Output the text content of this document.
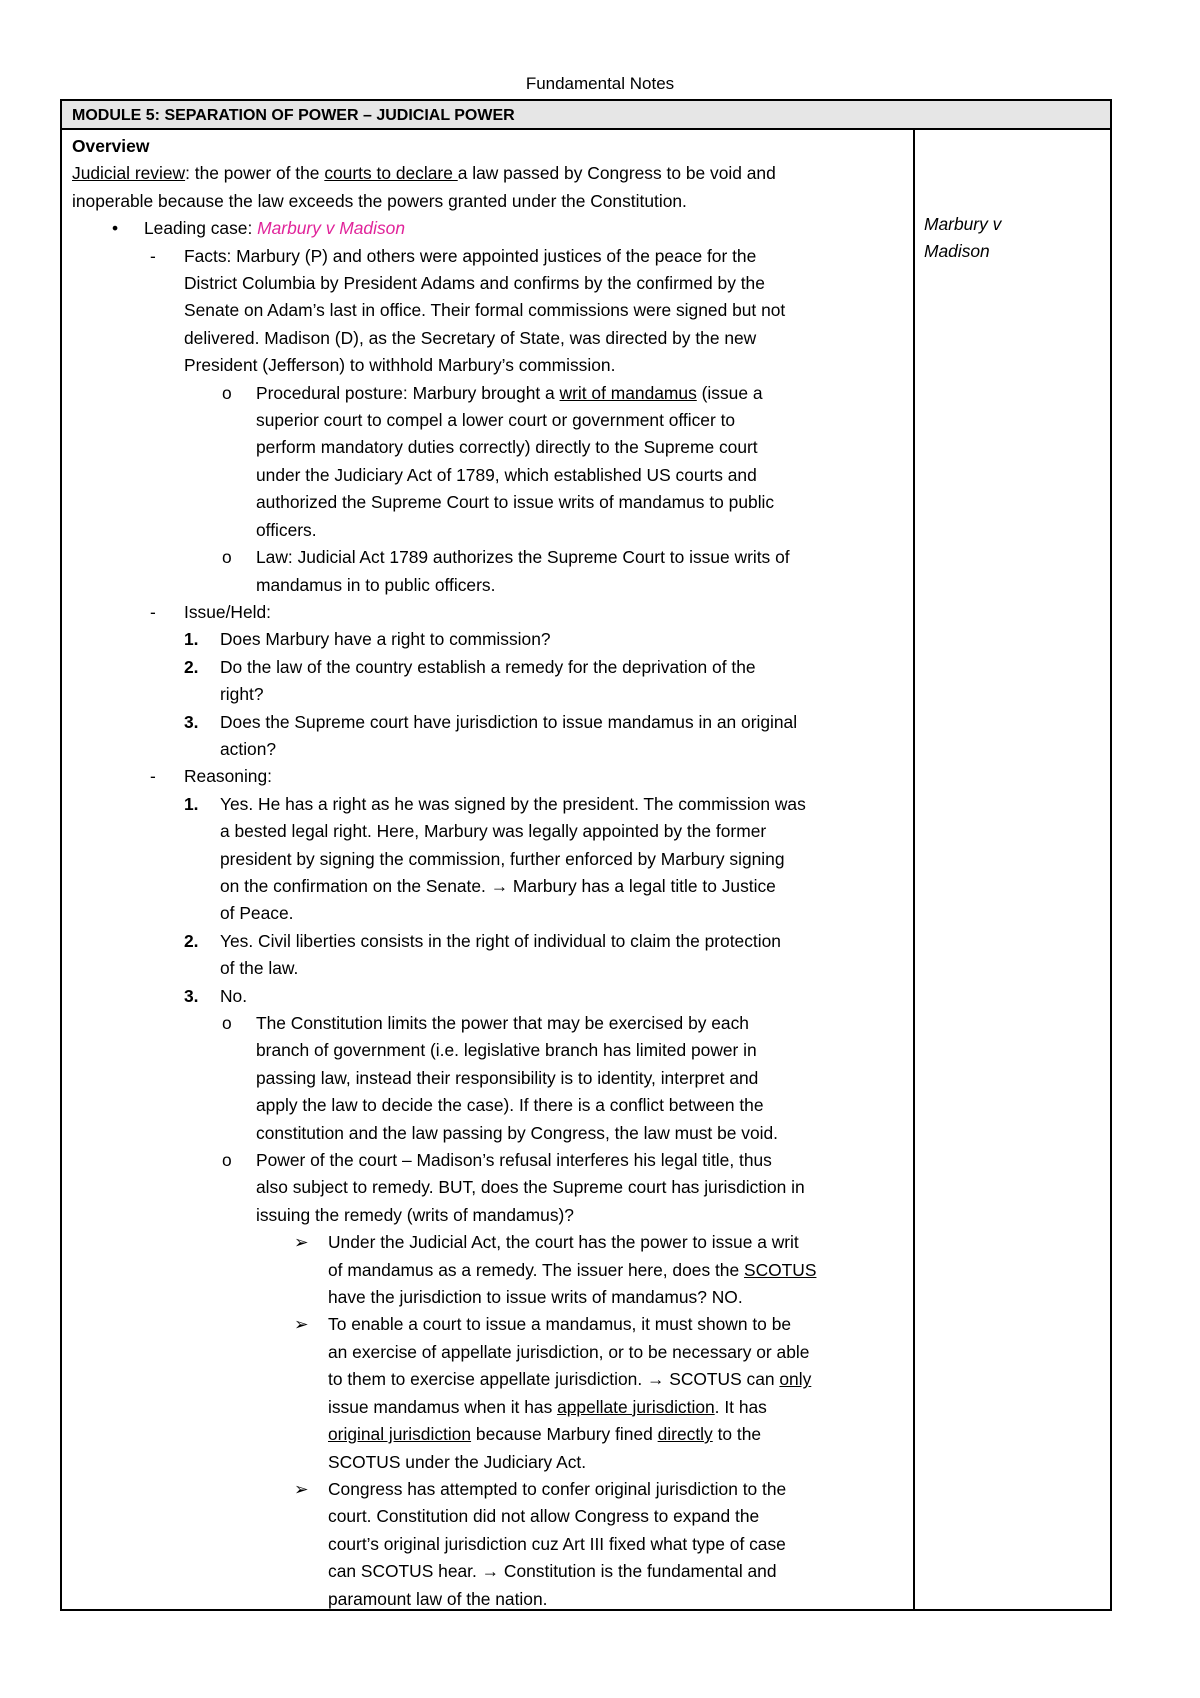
Fundamental Notes
MODULE 5: SEPARATION OF POWER – JUDICIAL POWER
Overview
Judicial review: the power of the courts to declare a law passed by Congress to be void and
inoperable because the law exceeds the powers granted under the Constitution.
• Leading case: Marbury v Madison
- Facts: Marbury (P) and others were appointed justices of the peace for the
District Columbia by President Adams and confirms by the confirmed by the
Senate on Adam’s last in office. Their formal commissions were signed but not
delivered. Madison (D), as the Secretary of State, was directed by the new
President (Jefferson) to withhold Marbury’s commission.
o Procedural posture: Marbury brought a writ of mandamus (issue a
superior court to compel a lower court or government officer to
perform mandatory duties correctly) directly to the Supreme court
under the Judiciary Act of 1789, which established US courts and
authorized the Supreme Court to issue writs of mandamus to public
officers.
o Law: Judicial Act 1789 authorizes the Supreme Court to issue writs of
mandamus in to public officers.
- Issue/Held:
1. Does Marbury have a right to commission?
2. Do the law of the country establish a remedy for the deprivation of the
right?
3. Does the Supreme court have jurisdiction to issue mandamus in an original
action?
- Reasoning:
1. Yes. He has a right as he was signed by the president. The commission was
a bested legal right. Here, Marbury was legally appointed by the former
president by signing the commission, further enforced by Marbury signing
on the confirmation on the Senate. → Marbury has a legal title to Justice
of Peace.
2. Yes. Civil liberties consists in the right of individual to claim the protection
of the law.
3. No.
o The Constitution limits the power that may be exercised by each
branch of government (i.e. legislative branch has limited power in
passing law, instead their responsibility is to identity, interpret and
apply the law to decide the case). If there is a conflict between the
constitution and the law passing by Congress, the law must be void.
o Power of the court – Madison’s refusal interferes his legal title, thus
also subject to remedy. BUT, does the Supreme court has jurisdiction in
issuing the remedy (writs of mandamus)?
➢ Under the Judicial Act, the court has the power to issue a writ
of mandamus as a remedy. The issuer here, does the SCOTUS
have the jurisdiction to issue writs of mandamus? NO.
➢ To enable a court to issue a mandamus, it must shown to be
an exercise of appellate jurisdiction, or to be necessary or able
to them to exercise appellate jurisdiction. → SCOTUS can only
issue mandamus when it has appellate jurisdiction. It has
original jurisdiction because Marbury fined directly to the
SCOTUS under the Judiciary Act.
➢ Congress has attempted to confer original jurisdiction to the
court. Constitution did not allow Congress to expand the
court’s original jurisdiction cuz Art III fixed what type of case
can SCOTUS hear. → Constitution is the fundamental and
paramount law of the nation.
Marbury v
Madison
